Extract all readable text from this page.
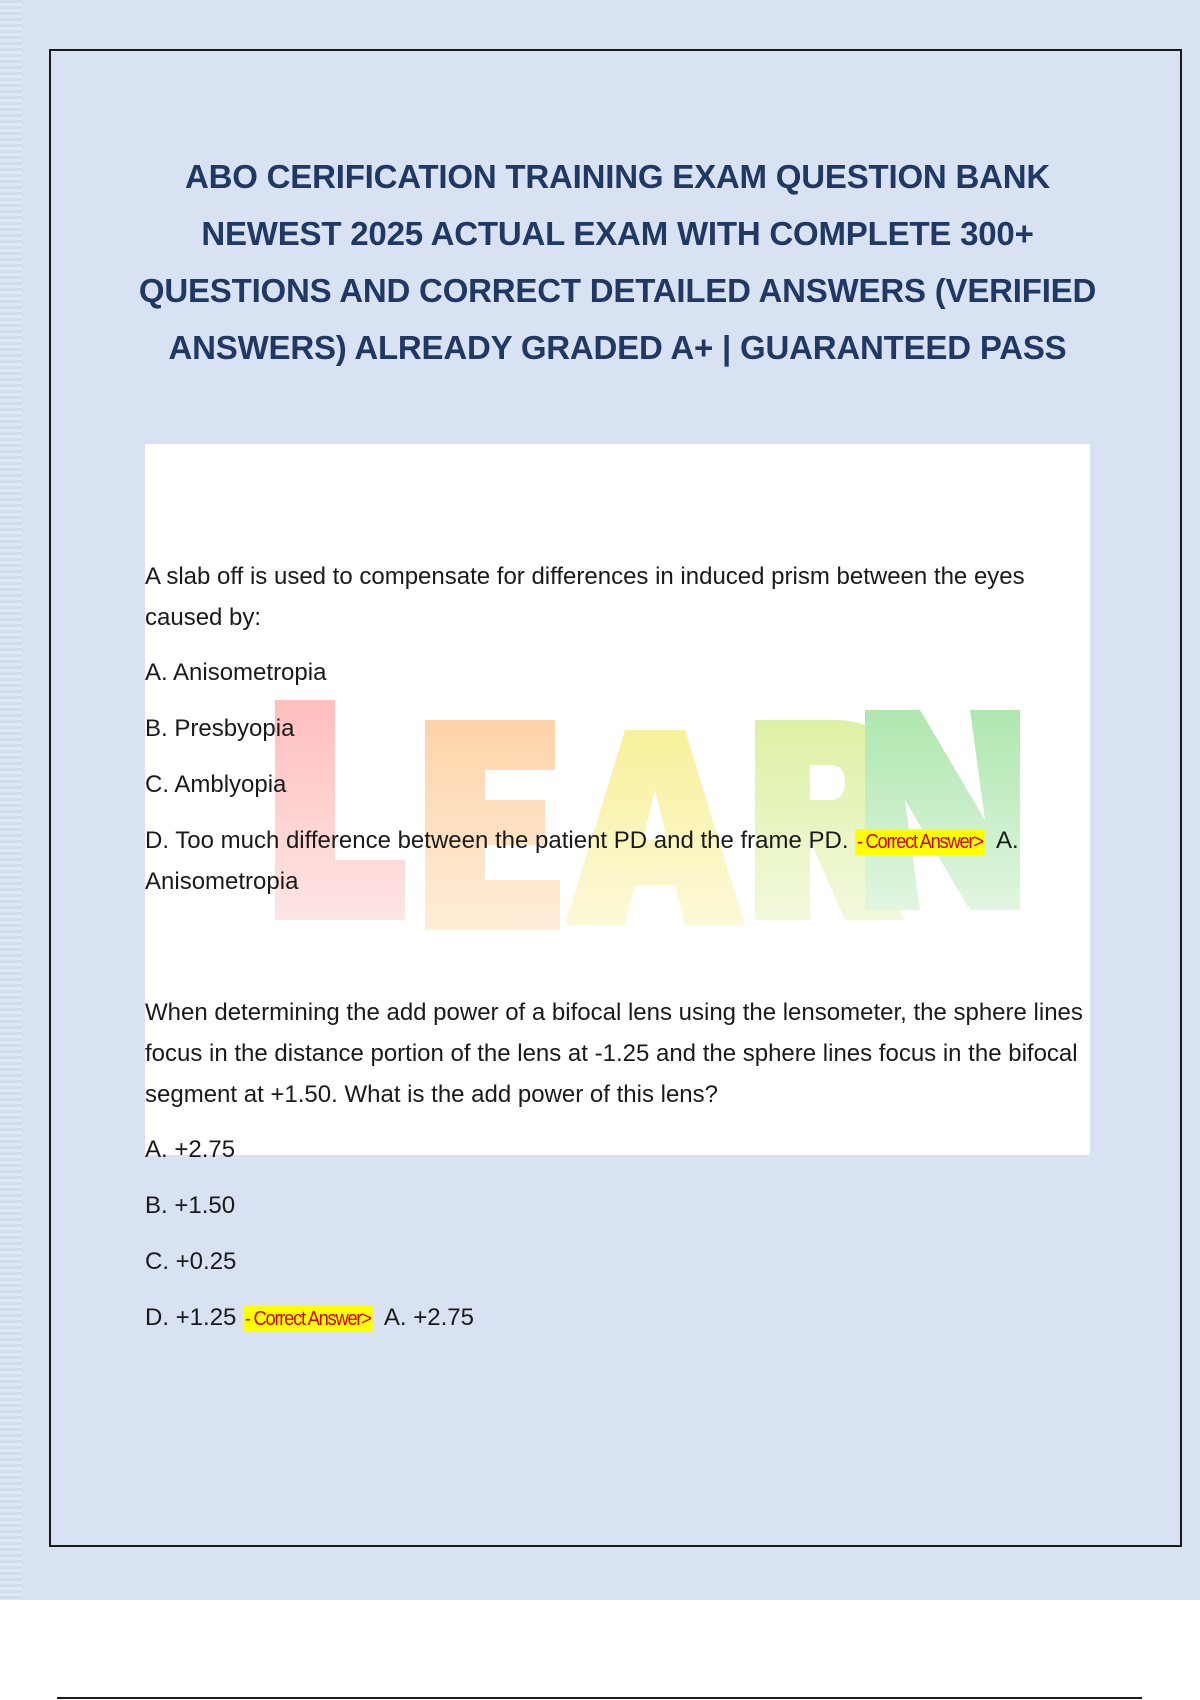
ABO CERIFICATION TRAINING EXAM QUESTION BANK NEWEST 2025 ACTUAL EXAM WITH COMPLETE 300+ QUESTIONS AND CORRECT DETAILED ANSWERS (VERIFIED ANSWERS) ALREADY GRADED A+ | GUARANTEED PASS

A slab off is used to compensate for differences in induced prism between the eyes caused by:

A. Anisometropia

B. Presbyopia

C. Amblyopia

D. Too much difference between the patient PD and the frame PD. - Correct Answer> A. Anisometropia

When determining the add power of a bifocal lens using the lensometer, the sphere lines focus in the distance portion of the lens at -1.25 and the sphere lines focus in the bifocal segment at +1.50. What is the add power of this lens?

A. +2.75

B. +1.50

C. +0.25

D. +1.25 - Correct Answer> A. +2.75
